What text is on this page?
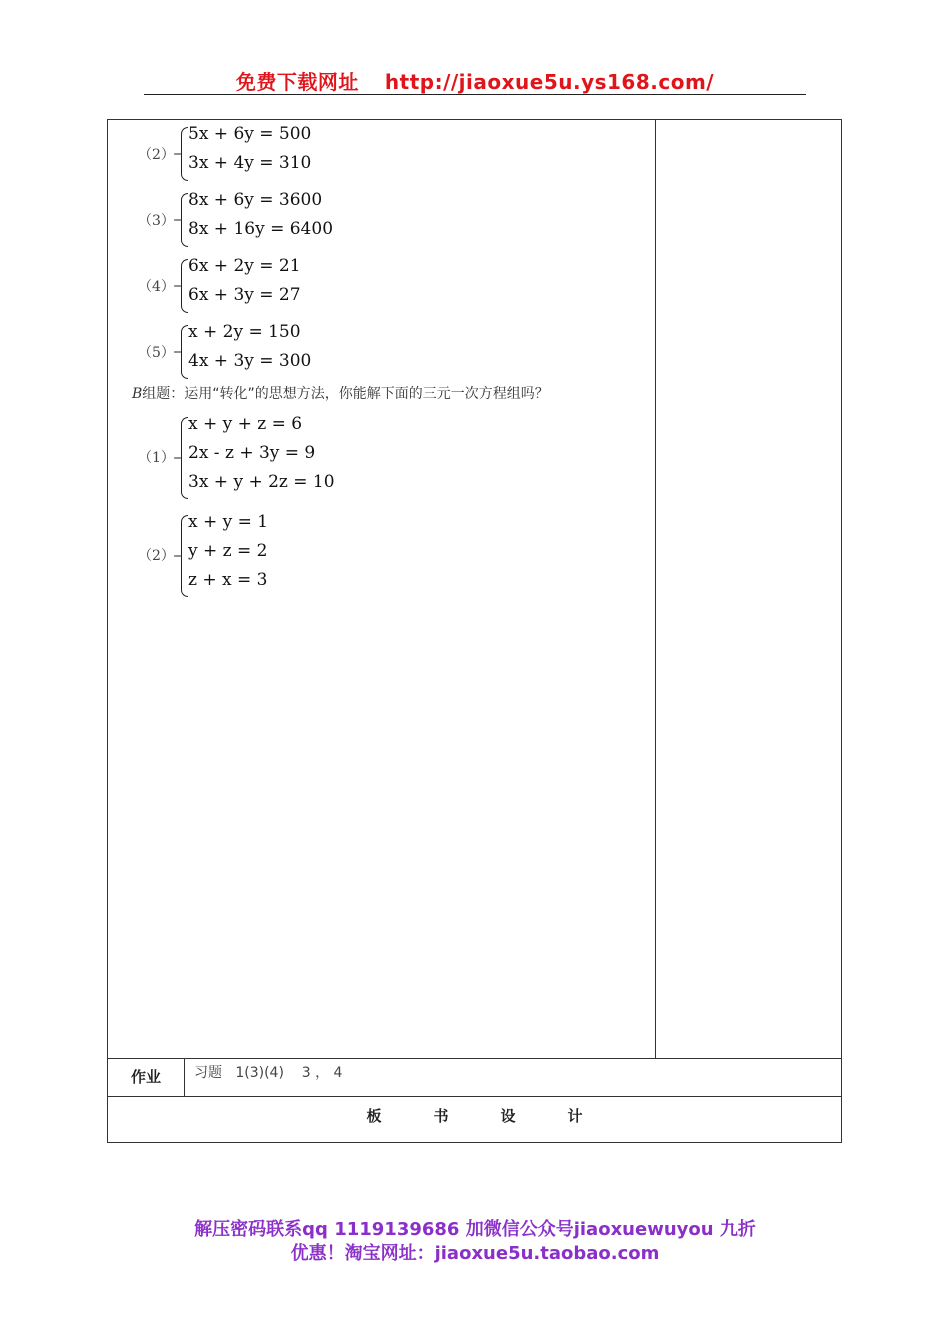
免费下载网址 http://jiaoxue5u.ys168.com/
（2）
5x + 6y = 500
3x + 4y = 310
（3）
8x + 6y = 3600
8x + 16y = 6400
（4）
6x + 2y = 21
6x + 3y = 27
（5）
x + 2y = 150
4x + 3y = 300
B组题：运用“转化”的思想方法，你能解下面的三元一次方程组吗？
（1）
x + y + z = 6
2x - z + 3y = 9
3x + y + 2z = 10
（2）
x + y = 1
y + z = 2
z + x = 3
作业	习题   1(3)(4)    3 ， 4
板	书	设	计
解压密码联系qq 1119139686 加微信公众号jiaoxuewuyou 九折
优惠！淘宝网址：jiaoxue5u.taobao.com
